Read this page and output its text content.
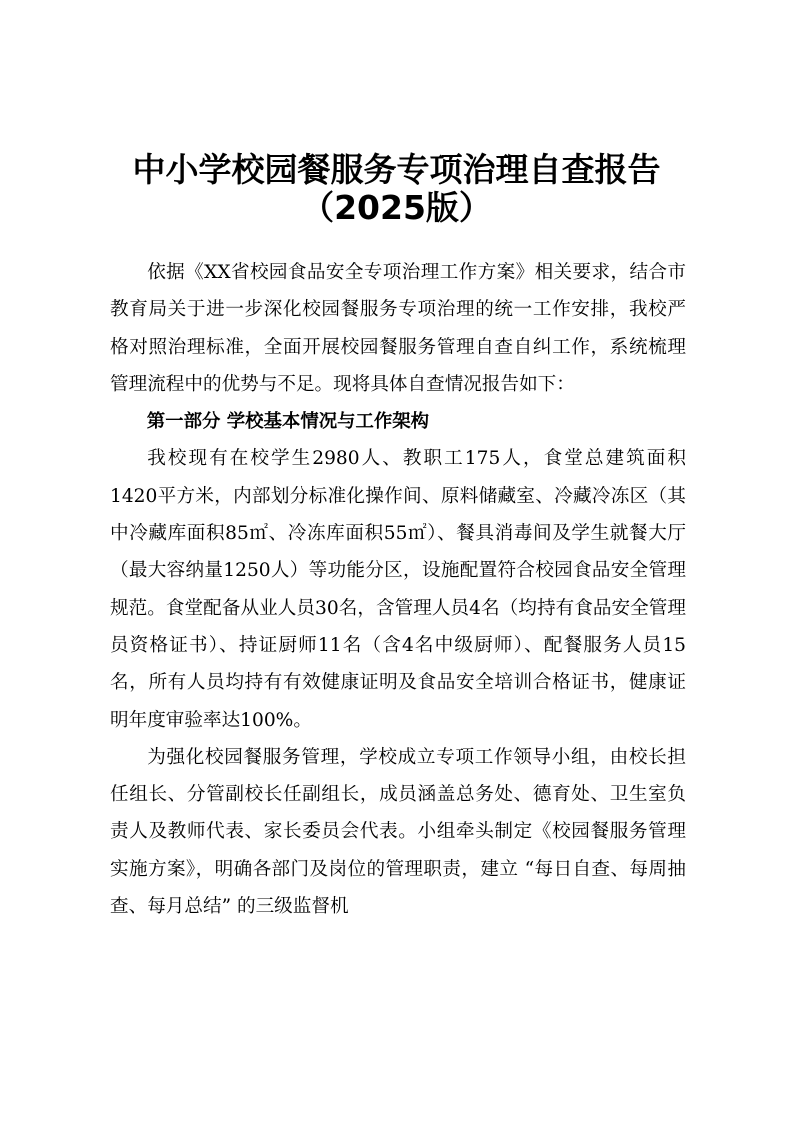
中小学校园餐服务专项治理自查报告
（2025版）

依据《XX省校园食品安全专项治理工作方案》相关要求，结合市教育局关于进一步深化校园餐服务专项治理的统一工作安排，我校严格对照治理标准，全面开展校园餐服务管理自查自纠工作，系统梳理管理流程中的优势与不足。现将具体自查情况报告如下：

第一部分 学校基本情况与工作架构

我校现有在校学生2980人、教职工175人，食堂总建筑面积1420平方米，内部划分标准化操作间、原料储藏室、冷藏冷冻区（其中冷藏库面积85㎡、冷冻库面积55㎡）、餐具消毒间及学生就餐大厅（最大容纳量1250人）等功能分区，设施配置符合校园食品安全管理规范。食堂配备从业人员30名，含管理人员4名（均持有食品安全管理员资格证书）、持证厨师11名（含4名中级厨师）、配餐服务人员15名，所有人员均持有有效健康证明及食品安全培训合格证书，健康证明年度审验率达100%。

为强化校园餐服务管理，学校成立专项工作领导小组，由校长担任组长、分管副校长任副组长，成员涵盖总务处、德育处、卫生室负责人及教师代表、家长委员会代表。小组牵头制定《校园餐服务管理实施方案》，明确各部门及岗位的管理职责，建立 “每日自查、每周抽查、每月总结” 的三级监督机
